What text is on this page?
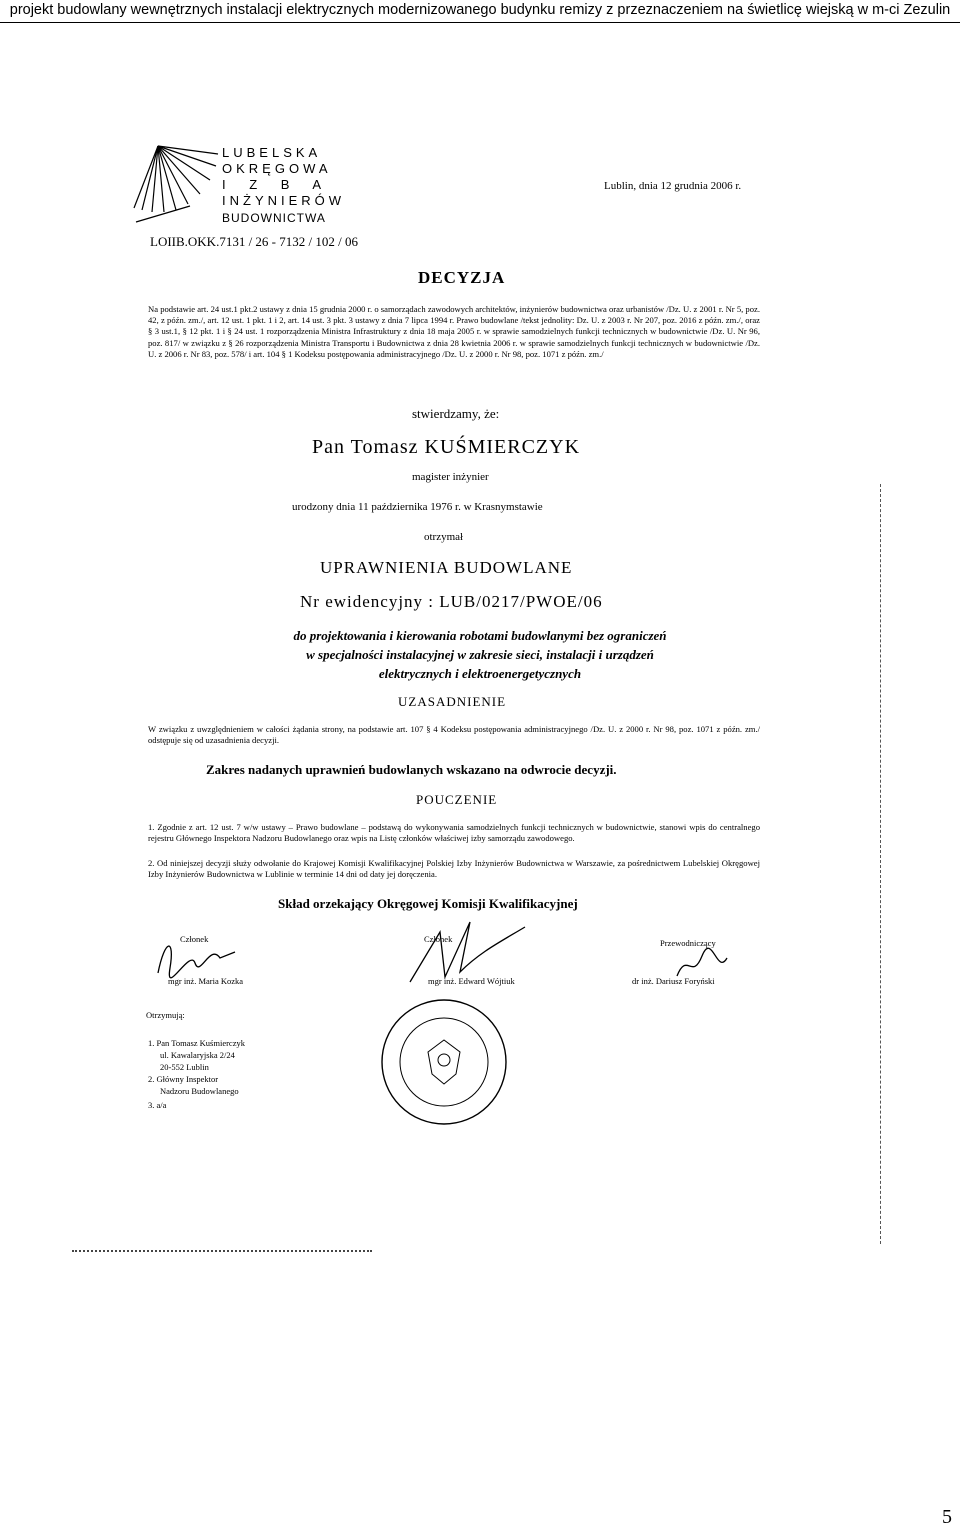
projekt budowlany wewnętrznych instalacji elektrycznych modernizowanego budynku remizy z przeznaczeniem na świetlicę wiejską w m-ci Zezulin
LUBELSKA
OKRĘGOWA
I Z B A
INŻYNIERÓW
BUDOWNICTWA
LOIIB.OKK.7131 / 26 - 7132 / 102 / 06
Lublin, dnia 12 grudnia 2006 r.
DECYZJA
Na podstawie art. 24 ust.1 pkt.2 ustawy z dnia 15 grudnia 2000 r. o samorządach zawodowych architektów, inżynierów budownictwa oraz urbanistów /Dz. U. z 2001 r. Nr 5, poz. 42, z późn. zm./, art. 12 ust. 1 pkt. 1 i 2, art. 14 ust. 3 pkt. 3 ustawy z dnia 7 lipca 1994 r. Prawo budowlane /tekst jednolity: Dz. U. z 2003 r. Nr 207, poz. 2016 z późn. zm./, oraz § 3 ust.1, § 12 pkt. 1 i § 24 ust. 1 rozporządzenia Ministra Infrastruktury z dnia 18 maja 2005 r. w sprawie samodzielnych funkcji technicznych w budownictwie /Dz. U. Nr 96, poz. 817/ w związku z § 26 rozporządzenia Ministra Transportu i Budownictwa z dnia 28 kwietnia 2006 r. w sprawie samodzielnych funkcji technicznych w budownictwie /Dz. U. z 2006 r. Nr 83, poz. 578/ i art. 104 § 1 Kodeksu postępowania administracyjnego /Dz. U. z 2000 r. Nr 98, poz. 1071 z późn. zm./
stwierdzamy, że:
Pan Tomasz KUŚMIERCZYK
magister inżynier
urodzony dnia 11 października 1976 r. w Krasnymstawie
otrzymał
UPRAWNIENIA BUDOWLANE
Nr ewidencyjny : LUB/0217/PWOE/06
do projektowania i kierowania robotami budowlanymi bez ograniczeń
w specjalności instalacyjnej w zakresie sieci, instalacji i urządzeń
elektrycznych i elektroenergetycznych
UZASADNIENIE
W związku z uwzględnieniem w całości żądania strony, na podstawie art. 107 § 4 Kodeksu postępowania administracyjnego /Dz. U. z 2000 r. Nr 98, poz. 1071 z późn. zm./ odstępuje się od uzasadnienia decyzji.
Zakres nadanych uprawnień budowlanych wskazano na odwrocie decyzji.
POUCZENIE
1. Zgodnie z art. 12 ust. 7 w/w ustawy – Prawo budowlane – podstawą do wykonywania samodzielnych funkcji technicznych w budownictwie, stanowi wpis do centralnego rejestru Głównego Inspektora Nadzoru Budowlanego oraz wpis na Listę członków właściwej izby samorządu zawodowego.
2. Od niniejszej decyzji służy odwołanie do Krajowej Komisji Kwalifikacyjnej Polskiej Izby Inżynierów Budownictwa w Warszawie, za pośrednictwem Lubelskiej Okręgowej Izby Inżynierów Budownictwa w Lublinie w terminie 14 dni od daty jej doręczenia.
Skład orzekający Okręgowej Komisji Kwalifikacyjnej
Członek
mgr inż. Maria Kozka
Członek
mgr inż. Edward Wójtiuk
Przewodniczący
dr inż. Dariusz Foryński
Otrzymują:
1. Pan Tomasz Kuśmierczyk
ul. Kawalaryjska 2/24
20-552 Lublin
2. Główny Inspektor
Nadzoru Budowlanego
3. a/a
5
